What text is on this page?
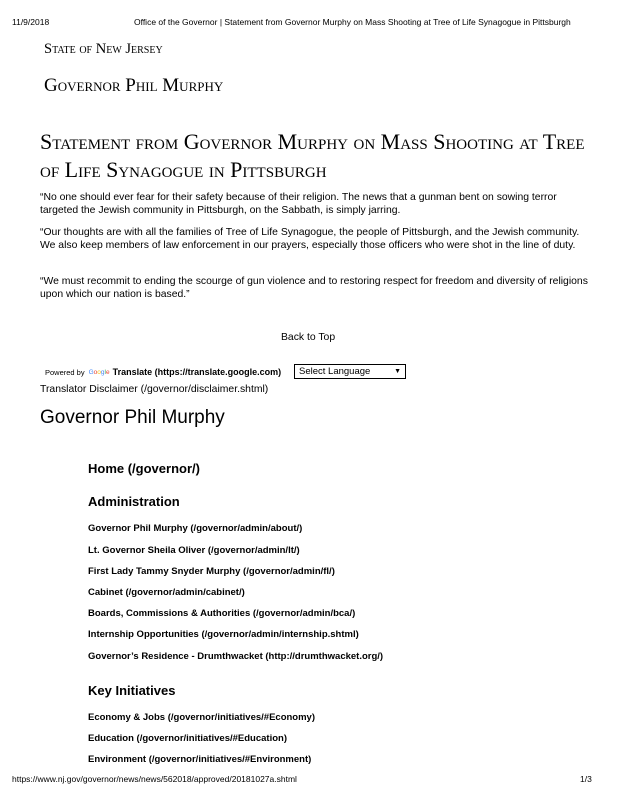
11/9/2018	Office of the Governor | Statement from Governor Murphy on Mass Shooting at Tree of Life Synagogue in Pittsburgh
State of New Jersey
Governor Phil Murphy
Statement from Governor Murphy on Mass Shooting at Tree of Life Synagogue in Pittsburgh

“No one should ever fear for their safety because of their religion. The news that a gunman bent on sowing terror targeted the Jewish community in Pittsburgh, on the Sabbath, is simply jarring.

“Our thoughts are with all the families of Tree of Life Synagogue, the people of Pittsburgh, and the Jewish community. We also keep members of law enforcement in our prayers, especially those officers who were shot in the line of duty.

“We must recommit to ending the scourge of gun violence and to restoring respect for freedom and diversity of religions upon which our nation is based.”

Back to Top
Powered by Google Translate (https://translate.google.com) Select Language	▼
Translator Disclaimer (/governor/disclaimer.shtml)
Governor Phil Murphy
Home (/governor/)
Administration
Governor Phil Murphy (/governor/admin/about/)
Lt. Governor Sheila Oliver (/governor/admin/lt/)
First Lady Tammy Snyder Murphy (/governor/admin/fl/)
Cabinet (/governor/admin/cabinet/)
Boards, Commissions & Authorities (/governor/admin/bca/)
Internship Opportunities (/governor/admin/internship.shtml)
Governor’s Residence - Drumthwacket (http://drumthwacket.org/)
Key Initiatives
Economy & Jobs (/governor/initiatives/#Economy)
Education (/governor/initiatives/#Education)
Environment (/governor/initiatives/#Environment)
https://www.nj.gov/governor/news/news/562018/approved/20181027a.shtml	1/3
